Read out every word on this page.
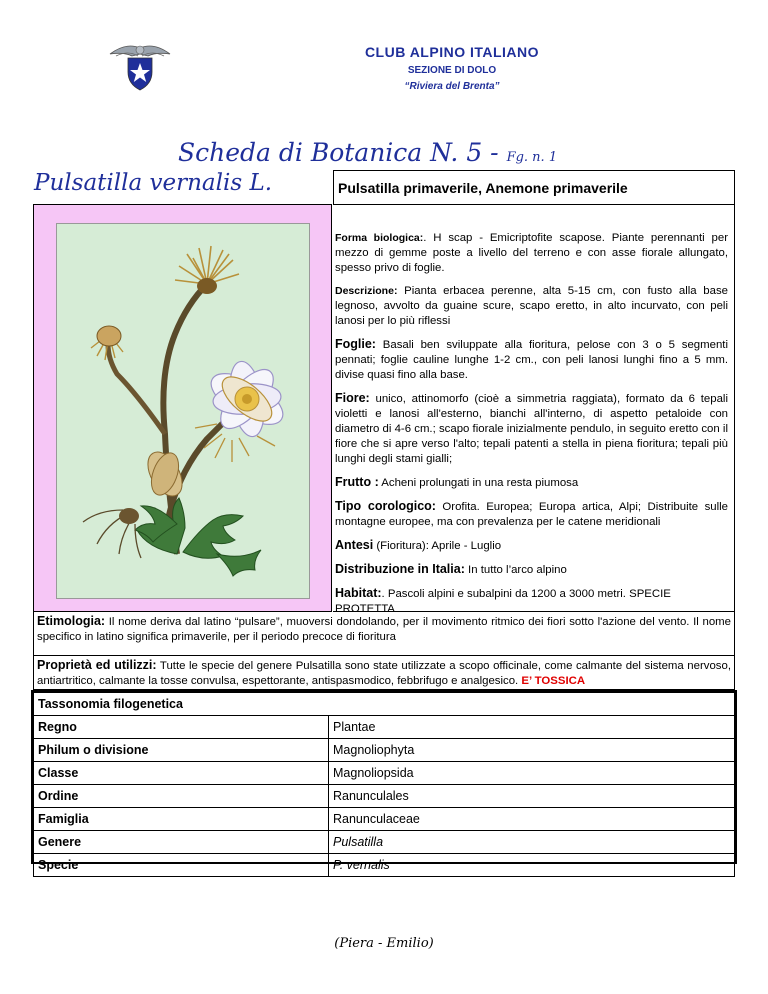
CLUB ALPINO ITALIANO
SEZIONE DI DOLO
“Riviera del Brenta”
Scheda di Botanica N. 5 - Fg. n. 1
Pulsatilla vernalis L.	Pulsatilla primaverile, Anemone primaverile

Forma biologica:. H scap - Emicriptofite scapose. Piante perennanti per mezzo di gemme poste a livello del terreno e con asse fiorale allungato, spesso privo di foglie.

Descrizione: Pianta erbacea perenne, alta 5-15 cm, con fusto alla base legnoso, avvolto da guaine scure, scapo eretto, in alto incurvato, con peli lanosi per lo più riflessi

Foglie: Basali ben sviluppate alla fioritura, pelose con 3 o 5 segmenti pennati; foglie cauline lunghe 1-2 cm., con peli lanosi lunghi fino a 5 mm. divise quasi fino alla base.

Fiore: unico, attinomorfo (cioè a simmetria raggiata), formato da 6 tepali violetti e lanosi all'esterno, bianchi all'interno, di aspetto petaloide con diametro di 4-6 cm.; scapo fiorale inizialmente pendulo, in seguito eretto con il fiore che si apre verso l'alto; tepali patenti a stella in piena fioritura; tepali più lunghi degli stami gialli;

Frutto : Acheni prolungati in una resta piumosa

Tipo corologico: Orofita. Europea; Europa artica, Alpi; Distribuite sulle montagne europee, ma con prevalenza per le catene meridionali

Antesi (Fioritura): Aprile - Luglio

Distribuzione in Italia: In tutto l’arco alpino

Habitat:. Pascoli alpini e subalpini da 1200 a 3000 metri. SPECIE PROTETTA

Etimologia: Il nome deriva dal latino “pulsare”, muoversi dondolando, per il movimento ritmico dei fiori sotto l'azione del vento. Il nome specifico in latino significa primaverile, per il periodo precoce di fioritura
Proprietà ed utilizzi: Tutte le specie del genere Pulsatilla sono state utilizzate a scopo officinale, come calmante del sistema nervoso, antiartritico, calmante la tosse convulsa, espettorante, antispasmodico, febbrifugo e analgesico. E’ TOSSICA
Tassonomia filogenetica	
Regno	Plantae
Philum o divisione	Magnoliophyta
Classe	Magnoliopsida
Ordine	Ranunculales
Famiglia	Ranunculaceae
Genere	Pulsatilla
Specie	P. vernalis
(Piera - Emilio)
